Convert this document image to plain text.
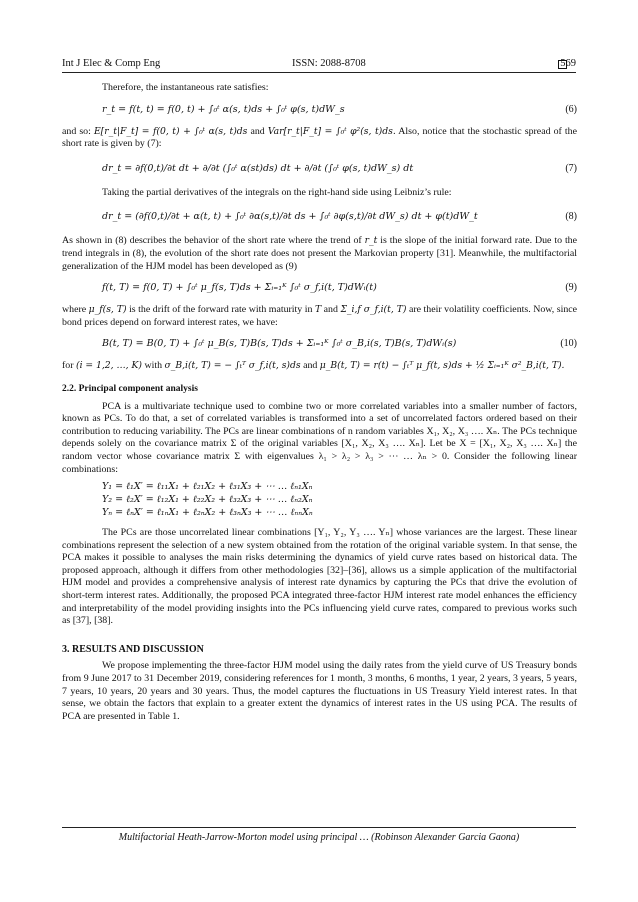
Int J Elec & Comp Eng	ISSN: 2088-8708	569

Therefore, the instantaneous rate satisfies:

r_t = f(t, t) = f(0, t) + ∫₀ᵗ α(s, t)ds + ∫₀ᵗ φ(s, t)dW_s	(6)

and so: E[r_t|F_t] = f(0, t) + ∫₀ᵗ α(s, t)ds and Var[r_t|F_t] = ∫₀ᵗ φ²(s, t)ds. Also, notice that the stochastic spread of the short rate is given by (7):

dr_t = ∂f(0,t)/∂t dt + ∂/∂t (∫₀ᵗ α(st)ds) dt + ∂/∂t (∫₀ᵗ φ(s, t)dW_s) dt	(7)

Taking the partial derivatives of the integrals on the right-hand side using Leibniz’s rule:

dr_t = (∂f(0,t)/∂t + α(t, t) + ∫₀ᵗ ∂α(s,t)/∂t ds + ∫₀ᵗ ∂φ(s,t)/∂t dW_s) dt + φ(t)dW_t	(8)

As shown in (8) describes the behavior of the short rate where the trend of r_t is the slope of the initial forward rate. Due to the trend integrals in (8), the evolution of the short rate does not present the Markovian property [31]. Meanwhile, the multifactorial generalization of the HJM model has been developed as (9)

f(t, T) = f(0, T) + ∫₀ᵗ μ_f(s, T)ds + Σᵢ₌₁ᴷ ∫₀ᵗ σ_f,i(t, T)dWᵢ(t)	(9)

where μ_f(s, T) is the drift of the forward rate with maturity in T and Σ_i,f σ_f,i(t, T) are their volatility coefficients. Now, since bond prices depend on forward interest rates, we have:

B(t, T) = B(0, T) + ∫₀ᵗ μ_B(s, T)B(s, T)ds + Σᵢ₌₁ᴷ ∫₀ᵗ σ_B,i(s, T)B(s, T)dWᵢ(s)	(10)

for (i = 1,2, …, K) with σ_B,i(t, T) = − ∫ₜᵀ σ_f,i(t, s)ds and μ_B(t, T) = r(t) − ∫ₜᵀ μ_f(t, s)ds + ½ Σᵢ₌₁ᴷ σ²_B,i(t, T).

2.2. Principal component analysis

PCA is a multivariate technique used to combine two or more correlated variables into a smaller number of factors, known as PCs. To do that, a set of correlated variables is transformed into a set of uncorrelated factors ordered based on their contribution to reducing variability. The PCs are linear combinations of n random variables X₁, X₂, X₃ …. Xₙ. The PCs technique depends solely on the covariance matrix Σ of the original variables [X₁, X₂, X₃ …. Xₙ]. Let be X = [X₁, X₂, X₃ …. Xₙ] the random vector whose covariance matrix Σ with eigenvalues λ₁ > λ₂ > λ₃ > ⋯ … λₙ > 0. Consider the following linear combinations:

Y₁ = ℓ₁X′ = ℓ₁₁X₁ + ℓ₂₁X₂ + ℓ₃₁X₃ + ⋯ … ℓₙ₁Xₙ
Y₂ = ℓ₂X′ = ℓ₁₂X₁ + ℓ₂₂X₂ + ℓ₃₂X₃ + ⋯ … ℓₙ₂Xₙ
Yₙ = ℓₙX′ = ℓ₁ₙX₁ + ℓ₂ₙX₂ + ℓ₃ₙX₃ + ⋯ … ℓₙₙXₙ

The PCs are those uncorrelated linear combinations [Y₁, Y₂, Y₃ …. Yₙ] whose variances are the largest. These linear combinations represent the selection of a new system obtained from the rotation of the original variable system. In that sense, the PCA makes it possible to analyses the main risks determining the dynamics of yield curve rates based on historical data. The proposed approach, although it differs from other methodologies [32]–[36], allows us a simple application of the multifactorial HJM model and provides a comprehensive analysis of interest rate dynamics by capturing the PCs that drive the evolution of short-term interest rates. Additionally, the proposed PCA integrated three-factor HJM interest rate model enhances the efficiency and interpretability of the model providing insights into the PCs influencing yield curve rates, compared to previous works such as [37], [38].

3. RESULTS AND DISCUSSION

We propose implementing the three-factor HJM model using the daily rates from the yield curve of US Treasury bonds from 9 June 2017 to 31 December 2019, considering references for 1 month, 3 months, 6 months, 1 year, 2 years, 3 years, 5 years, 7 years, 10 years, 20 years and 30 years. Thus, the model captures the fluctuations in US Treasury Yield interest rates. In that sense, we obtain the factors that explain to a greater extent the dynamics of interest rates in the US using PCA. The results of PCA are presented in Table 1.

Multifactorial Heath-Jarrow-Morton model using principal … (Robinson Alexander Garcia Gaona)
